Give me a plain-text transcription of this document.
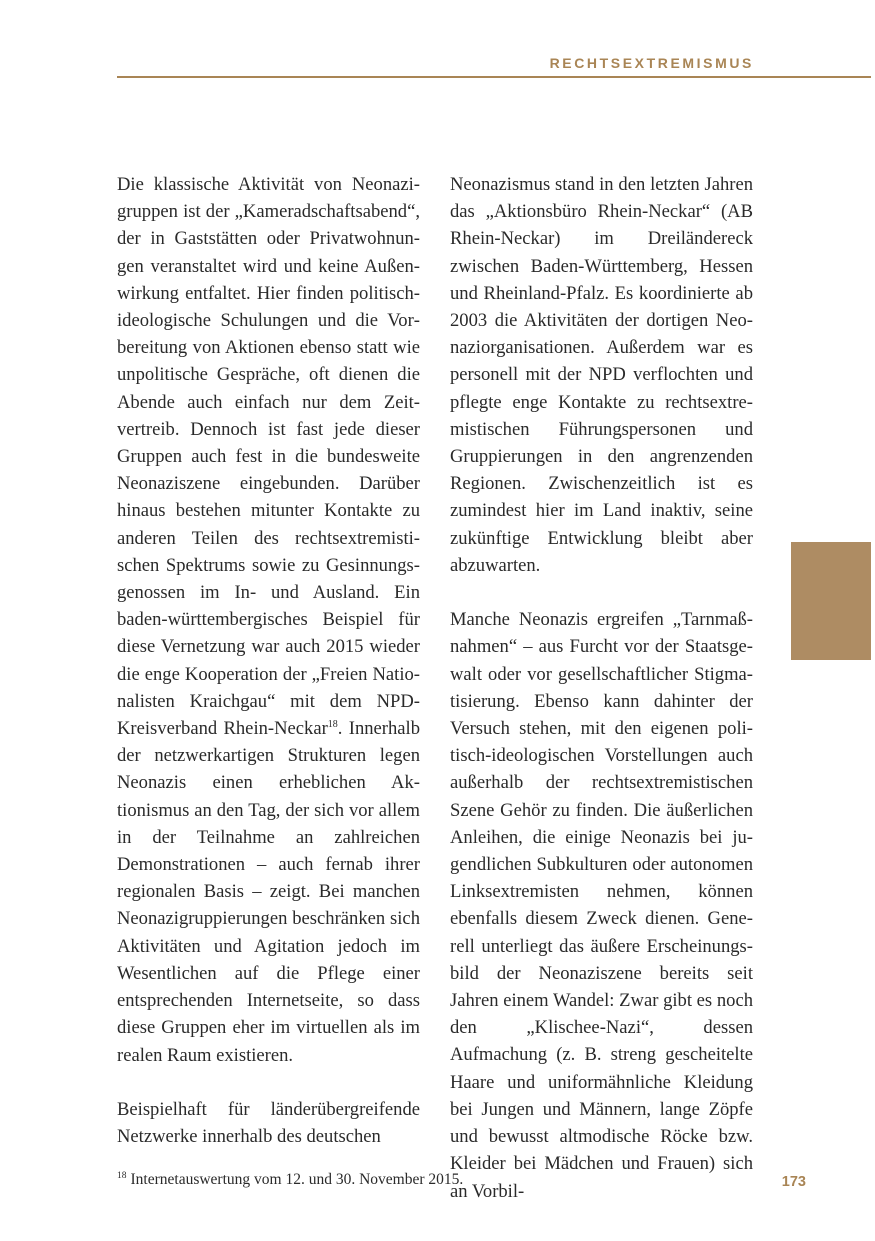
RECHTSEXTREMISMUS

Die klassische Aktivität von Neonazigruppen ist der „Kameradschaftsabend“, der in Gaststätten oder Privatwohnungen veranstaltet wird und keine Außenwirkung entfaltet. Hier finden politisch-ideologische Schulungen und die Vorbereitung von Aktionen ebenso statt wie unpolitische Gespräche, oft dienen die Abende auch einfach nur dem Zeitvertreib. Dennoch ist fast jede dieser Gruppen auch fest in die bundesweite Neonaziszene eingebunden. Darüber hinaus bestehen mitunter Kontakte zu anderen Teilen des rechtsextremistischen Spektrums sowie zu Gesinnungsgenossen im In- und Ausland. Ein baden-württembergisches Beispiel für diese Vernetzung war auch 2015 wieder die enge Kooperation der „Freien Nationalisten Kraichgau“ mit dem NPD-Kreisverband Rhein-Neckar$^{18}$. Innerhalb der netzwerkartigen Strukturen legen Neonazis einen erheblichen Aktionismus an den Tag, der sich vor allem in der Teilnahme an zahlreichen Demonstrationen – auch fernab ihrer regionalen Basis – zeigt. Bei manchen Neonazigruppierungen beschränken sich Aktivitäten und Agitation jedoch im Wesentlichen auf die Pflege einer entsprechenden Internetseite, so dass diese Gruppen eher im virtuellen als im realen Raum existieren.

Beispielhaft für länderübergreifende Netzwerke innerhalb des deutschen

Neonazismus stand in den letzten Jahren das „Aktionsbüro Rhein-Neckar“ (AB Rhein-Neckar) im Dreiländereck zwischen Baden-Württemberg, Hessen und Rheinland-Pfalz. Es koordinierte ab 2003 die Aktivitäten der dortigen Neonaziorganisationen. Außerdem war es personell mit der NPD verflochten und pflegte enge Kontakte zu rechtsextremistischen Führungspersonen und Gruppierungen in den angrenzenden Regionen. Zwischenzeitlich ist es zumindest hier im Land inaktiv, seine zukünftige Entwicklung bleibt aber abzuwarten.

Manche Neonazis ergreifen „Tarnmaßnahmen“ – aus Furcht vor der Staatsgewalt oder vor gesellschaftlicher Stigmatisierung. Ebenso kann dahinter der Versuch stehen, mit den eigenen politisch-ideologischen Vorstellungen auch außerhalb der rechtsextremistischen Szene Gehör zu finden. Die äußerlichen Anleihen, die einige Neonazis bei jugendlichen Subkulturen oder autonomen Linksextremisten nehmen, können ebenfalls diesem Zweck dienen. Generell unterliegt das äußere Erscheinungsbild der Neonaziszene bereits seit Jahren einem Wandel: Zwar gibt es noch den „Klischee-Nazi“, dessen Aufmachung (z. B. streng gescheitelte Haare und uniformähnliche Kleidung bei Jungen und Männern, lange Zöpfe und bewusst altmodische Röcke bzw. Kleider bei Mädchen und Frauen) sich an Vorbil-

$^{18}$ Internetauswertung vom 12. und 30. November 2015.	173
